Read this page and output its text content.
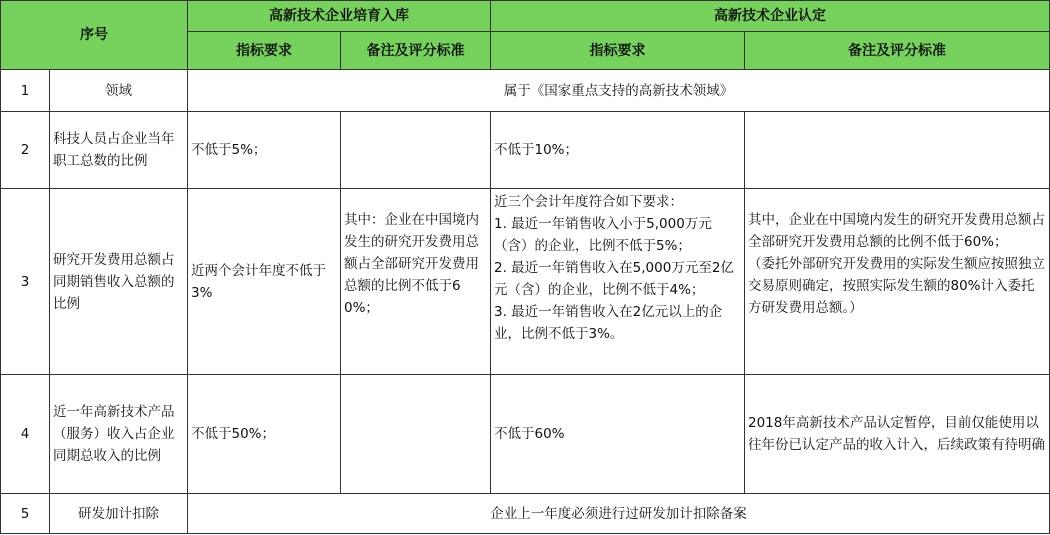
序号		高新技术企业培育入库		高新技术企业认定	
		指标要求	备注及评分标准	指标要求	备注及评分标准
1	领域	属于《国家重点支持的高新技术领域》			
2	科技人员占企业当年职工总数的比例	不低于5%；		不低于10%；	
3	研究开发费用总额占同期销售收入总额的比例	近两个会计年度不低于3%	其中：企业在中国境内发生的研究开发费用总额占全部研究开发费用总额的比例不低于60%；	近三个会计年度符合如下要求：
1. 最近一年销售收入小于5,000万元（含）的企业，比例不低于5%；
2. 最近一年销售收入在5,000万元至2亿元（含）的企业，比例不低于4%；
3. 最近一年销售收入在2亿元以上的企业，比例不低于3%。	其中，企业在中国境内发生的研究开发费用总额占全部研究开发费用总额的比例不低于60%；
（委托外部研究开发费用的实际发生额应按照独立交易原则确定，按照实际发生额的80%计入委托方研发费用总额。）

4	近一年高新技术产品（服务）收入占企业同期总收入的比例	不低于50%；		不低于60%	2018年高新技术产品认定暂停，目前仅能使用以往年份已认定产品的收入计入，后续政策有待明确
5	研发加计扣除	企业上一年度必须进行过研发加计扣除备案			
